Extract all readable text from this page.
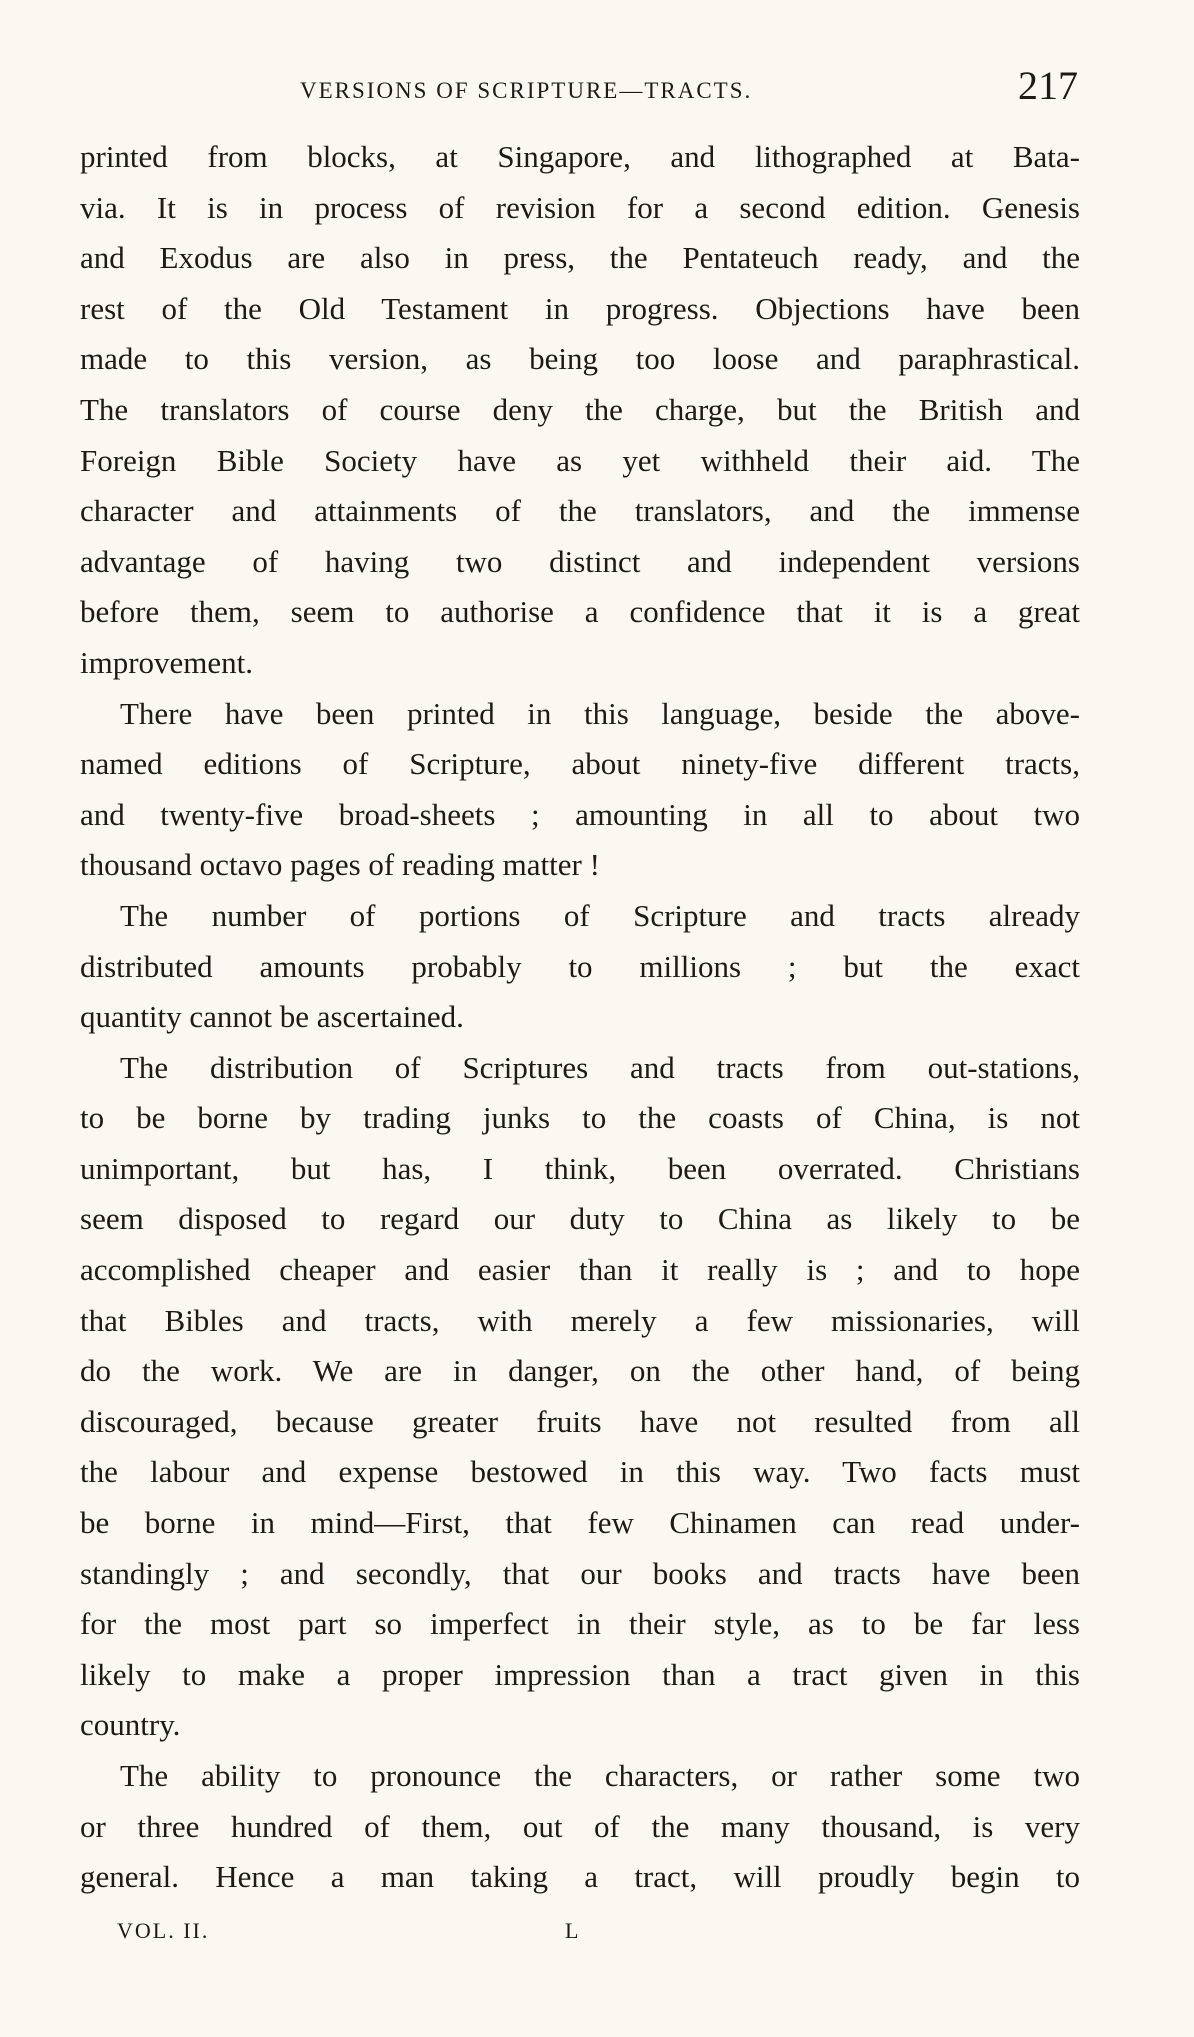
VERSIONS OF SCRIPTURE—TRACTS.	217
printed from blocks, at Singapore, and lithographed at Bata-
via. It is in process of revision for a second edition. Genesis
and Exodus are also in press, the Pentateuch ready, and the
rest of the Old Testament in progress. Objections have been
made to this version, as being too loose and paraphrastical.
The translators of course deny the charge, but the British and
Foreign Bible Society have as yet withheld their aid. The
character and attainments of the translators, and the immense
advantage of having two distinct and independent versions
before them, seem to authorise a confidence that it is a great
improvement.
There have been printed in this language, beside the above-
named editions of Scripture, about ninety-five different tracts,
and twenty-five broad-sheets ; amounting in all to about two
thousand octavo pages of reading matter !
The number of portions of Scripture and tracts already
distributed amounts probably to millions ; but the exact
quantity cannot be ascertained.
The distribution of Scriptures and tracts from out-stations,
to be borne by trading junks to the coasts of China, is not
unimportant, but has, I think, been overrated. Christians
seem disposed to regard our duty to China as likely to be
accomplished cheaper and easier than it really is ; and to hope
that Bibles and tracts, with merely a few missionaries, will
do the work. We are in danger, on the other hand, of being
discouraged, because greater fruits have not resulted from all
the labour and expense bestowed in this way. Two facts must
be borne in mind—First, that few Chinamen can read under-
standingly ; and secondly, that our books and tracts have been
for the most part so imperfect in their style, as to be far less
likely to make a proper impression than a tract given in this
country.
The ability to pronounce the characters, or rather some two
or three hundred of them, out of the many thousand, is very
general. Hence a man taking a tract, will proudly begin to
VOL. II.	L
